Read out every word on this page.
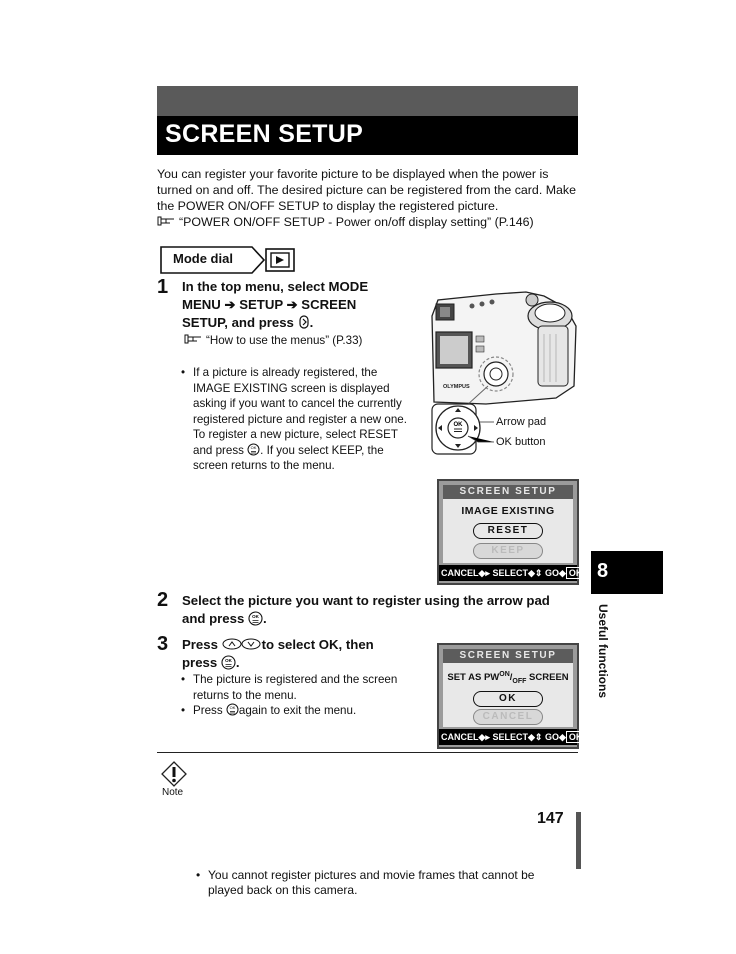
SCREEN SETUP
You can register your favorite picture to be displayed when the power is
turned on and off. The desired picture can be registered from the card. Make
the POWER ON/OFF SETUP to display the registered picture.
“POWER ON/OFF SETUP - Power on/off display setting” (P.146)
Mode dial
1 In the top menu, select MODE
MENU ➔ SETUP ➔ SCREEN
SETUP, and press .
“How to use the menus” (P.33)
• If a picture is already registered, the
IMAGE EXISTING screen is displayed
asking if you want to cancel the currently
registered picture and register a new one.
To register a new picture, select RESET
and press OK . If you select KEEP, the
screen returns to the menu.
OLYMPUS
OK	Arrow pad
OK button
SCREEN SETUP
IMAGE EXISTING
RESET
KEEP
CANCEL◆▸ SELECT◆⇕ GO◆ OK
2 Select the picture you want to register using the arrow pad
and press OK .
3 Press	to select OK, then
press OK .
• The picture is registered and the screen
returns to the menu.
• Press OK again to exit the menu.
SCREEN SETUP
SET AS $PW^{ON}/_{OFF}$ SCREEN
OK
CANCEL
CANCEL◆▸ SELECT◆⇕ GO◆ OK
Note
• You cannot register pictures and movie frames that cannot be
played back on this camera.
8
Useful functions
147
